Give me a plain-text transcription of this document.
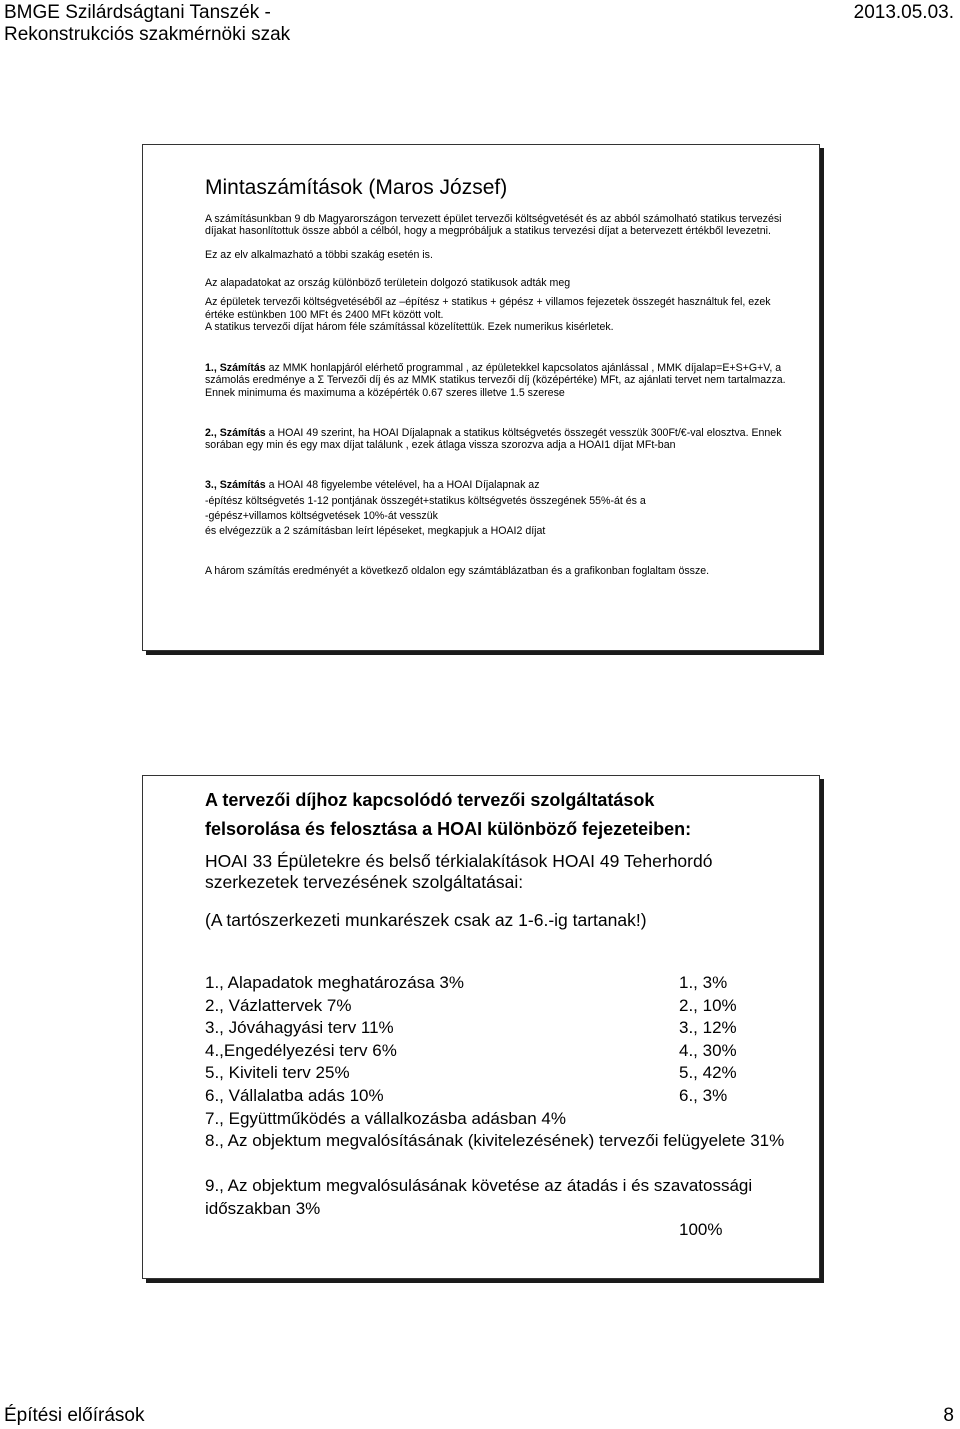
BMGE Szilárdságtani Tanszék -
Rekonstrukciós szakmérnöki szak
2013.05.03.
Mintaszámítások (Maros József)

A számításunkban 9 db Magyarországon tervezett épület tervezői költségvetését és az abból számolható statikus tervezési díjakat hasonlítottuk össze abból a célból, hogy a megpróbáljuk a statikus tervezési díjat a betervezett értékből levezetni.

Ez az elv alkalmazható a többi szakág esetén is.

Az alapadatokat az ország különböző területein dolgozó statikusok adták meg

Az épületek tervezői költségvetéséből az –építész + statikus + gépész + villamos fejezetek összegét használtuk fel, ezek értéke estünkben 100 MFt és 2400 MFt között volt.

A statikus tervezői díjat három féle számítással közelítettük. Ezek numerikus kisérletek.

1., Számítás az MMK honlapjáról elérhető programmal , az épületekkel kapcsolatos ajánlással , MMK díjalap=E+S+G+V, a számolás eredménye a Σ Tervezői díj és az MMK statikus tervezői díj (középértéke) MFt, az ajánlati tervet nem tartalmazza. Ennek minimuma és maximuma a középérték 0.67 szeres illetve 1.5 szerese

2., Számítás a HOAI 49 szerint, ha HOAI Díjalapnak a statikus költségvetés összegét vesszük 300Ft/€-val elosztva. Ennek sorában egy min és egy max díjat találunk , ezek átlaga vissza szorozva adja a HOAI1 díjat MFt-ban

3., Számítás a HOAI 48 figyelembe vételével, ha a HOAI Díjalapnak az

-építész költségvetés 1-12 pontjának összegét+statikus költségvetés összegének 55%-át és a

-gépész+villamos költségvetések 10%-át vesszük

és elvégezzük a 2 számításban leírt lépéseket, megkapjuk a HOAI2 díjat

A három számítás eredményét a következő oldalon egy számtáblázatban és a grafikonban foglaltam össze.

A tervezői díjhoz kapcsolódó tervezői szolgáltatások
felsorolása és felosztása a HOAI különböző fejezeteiben:
HOAI 33 Épületekre és belső térkialakítások HOAI 49 Teherhordó szerkezetek tervezésének szolgáltatásai:
(A tartószerkezeti munkarészek csak az 1-6.-ig tartanak!)
1., Alapadatok meghatározása 3%	1., 3%
2., Vázlattervek 7%	2., 10%
3., Jóváhagyási terv 11%	3., 12%
4.,Engedélyezési terv 6%	4., 30%
5., Kiviteli terv 25%	5., 42%
6., Vállalatba adás 10%	6., 3%
7., Együttműködés a vállalkozásba adásban 4%
8., Az objektum megvalósításának (kivitelezésének) tervezői felügyelete 31%
9., Az objektum megvalósulásának követése az átadás i és szavatossági időszakban 3%
100%
Építési előírások	8
